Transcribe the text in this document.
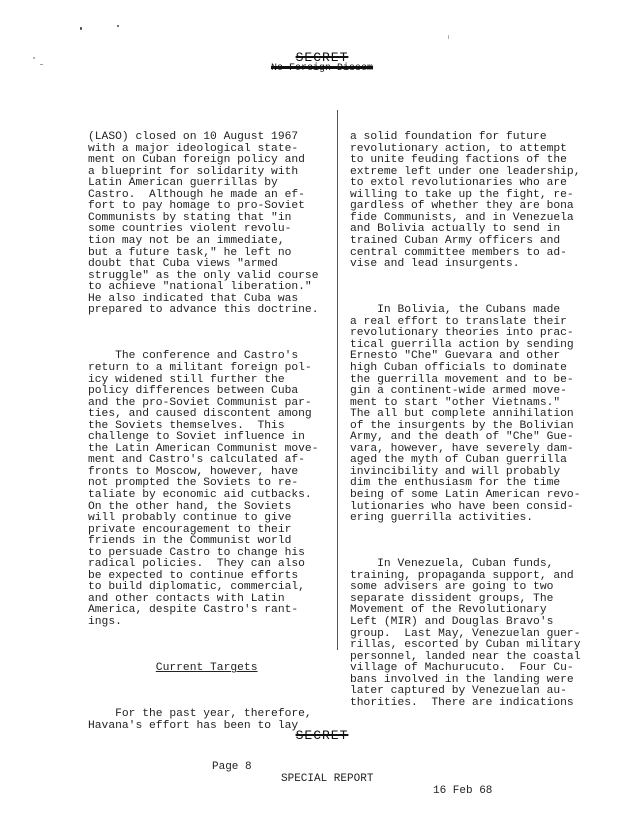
SECRET
No Foreign Dissem

(LASO) closed on 10 August 1967
with a major ideological state-
ment on Cuban foreign policy and
a blueprint for solidarity with
Latin American guerrillas by
Castro.  Although he made an ef-
fort to pay homage to pro-Soviet
Communists by stating that "in
some countries violent revolu-
tion may not be an immediate,
but a future task," he left no
doubt that Cuba views "armed
struggle" as the only valid course
to achieve "national liberation."
He also indicated that Cuba was
prepared to advance this doctrine.

The conference and Castro's
return to a militant foreign pol-
icy widened still further the
policy differences between Cuba
and the pro-Soviet Communist par-
ties, and caused discontent among
the Soviets themselves.  This
challenge to Soviet influence in
the Latin American Communist move-
ment and Castro's calculated af-
fronts to Moscow, however, have
not prompted the Soviets to re-
taliate by economic aid cutbacks.
On the other hand, the Soviets
will probably continue to give
private encouragement to their
friends in the Communist world
to persuade Castro to change his
radical policies.  They can also
be expected to continue efforts
to build diplomatic, commercial,
and other contacts with Latin
America, despite Castro's rant-
ings.

Current Targets

For the past year, therefore,
Havana's effort has been to lay

a solid foundation for future
revolutionary action, to attempt
to unite feuding factions of the
extreme left under one leadership,
to extol revolutionaries who are
willing to take up the fight, re-
gardless of whether they are bona
fide Communists, and in Venezuela
and Bolivia actually to send in
trained Cuban Army officers and
central committee members to ad-
vise and lead insurgents.

In Bolivia, the Cubans made
a real effort to translate their
revolutionary theories into prac-
tical guerrilla action by sending
Ernesto "Che" Guevara and other
high Cuban officials to dominate
the guerrilla movement and to be-
gin a continent-wide armed move-
ment to start "other Vietnams."
The all but complete annihilation
of the insurgents by the Bolivian
Army, and the death of "Che" Gue-
vara, however, have severely dam-
aged the myth of Cuban guerrilla
invincibility and will probably
dim the enthusiasm for the time
being of some Latin American revo-
lutionaries who have been consid-
ering guerrilla activities.

In Venezuela, Cuban funds,
training, propaganda support, and
some advisers are going to two
separate dissident groups, The
Movement of the Revolutionary
Left (MIR) and Douglas Bravo's
group.  Last May, Venezuelan guer-
rillas, escorted by Cuban military
personnel, landed near the coastal
village of Machurucuto.  Four Cu-
bans involved in the landing were
later captured by Venezuelan au-
thorities.  There are indications

SECRET

Page 8

SPECIAL REPORT

16 Feb 68
